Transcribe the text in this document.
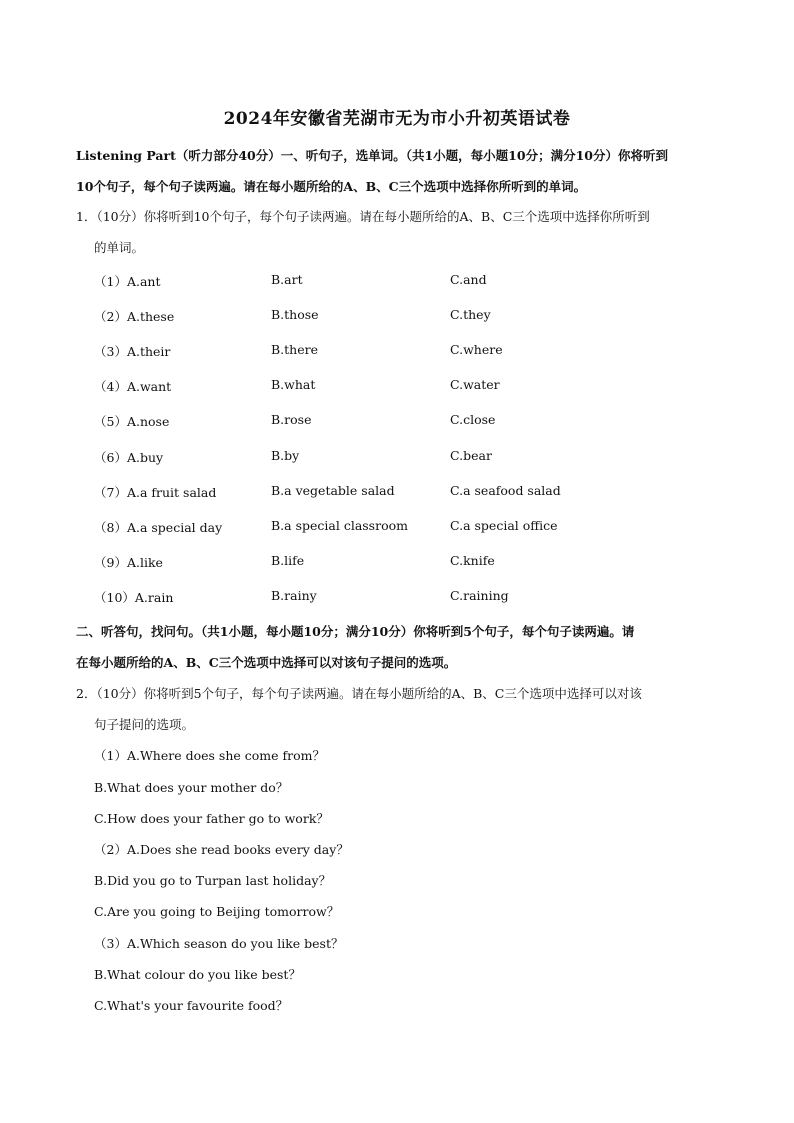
2024年安徽省芜湖市无为市小升初英语试卷
Listening Part（听力部分40分）一、听句子，选单词。（共1小题，每小题10分；满分10分）你将听到
10个句子，每个句子读两遍。请在每小题所给的A、B、C三个选项中选择你所听到的单词。
1．（10分）你将听到10个句子，每个句子读两遍。请在每小题所给的A、B、C三个选项中选择你所听到
的单词。
（1）A.ant	B.art	C.and
（2）A.these	B.those	C.they
（3）A.their	B.there	C.where
（4）A.want	B.what	C.water
（5）A.nose	B.rose	C.close
（6）A.buy	B.by	C.bear
（7）A.a fruit salad	B.a vegetable salad	C.a seafood salad
（8）A.a special day	B.a special classroom	C.a special office
（9）A.like	B.life	C.knife
（10）A.rain	B.rainy	C.raining
二、听答句，找问句。（共1小题，每小题10分；满分10分）你将听到5个句子，每个句子读两遍。请
在每小题所给的A、B、C三个选项中选择可以对该句子提问的选项。
2．（10分）你将听到5个句子，每个句子读两遍。请在每小题所给的A、B、C三个选项中选择可以对该
句子提问的选项。
（1）A.Where does she come from？
B.What does your mother do？
C.How does your father go to work？
（2）A.Does she read books every day？
B.Did you go to Turpan last holiday？
C.Are you going to Beijing tomorrow？
（3）A.Which season do you like best？
B.What colour do you like best？
C.What's your favourite food？
